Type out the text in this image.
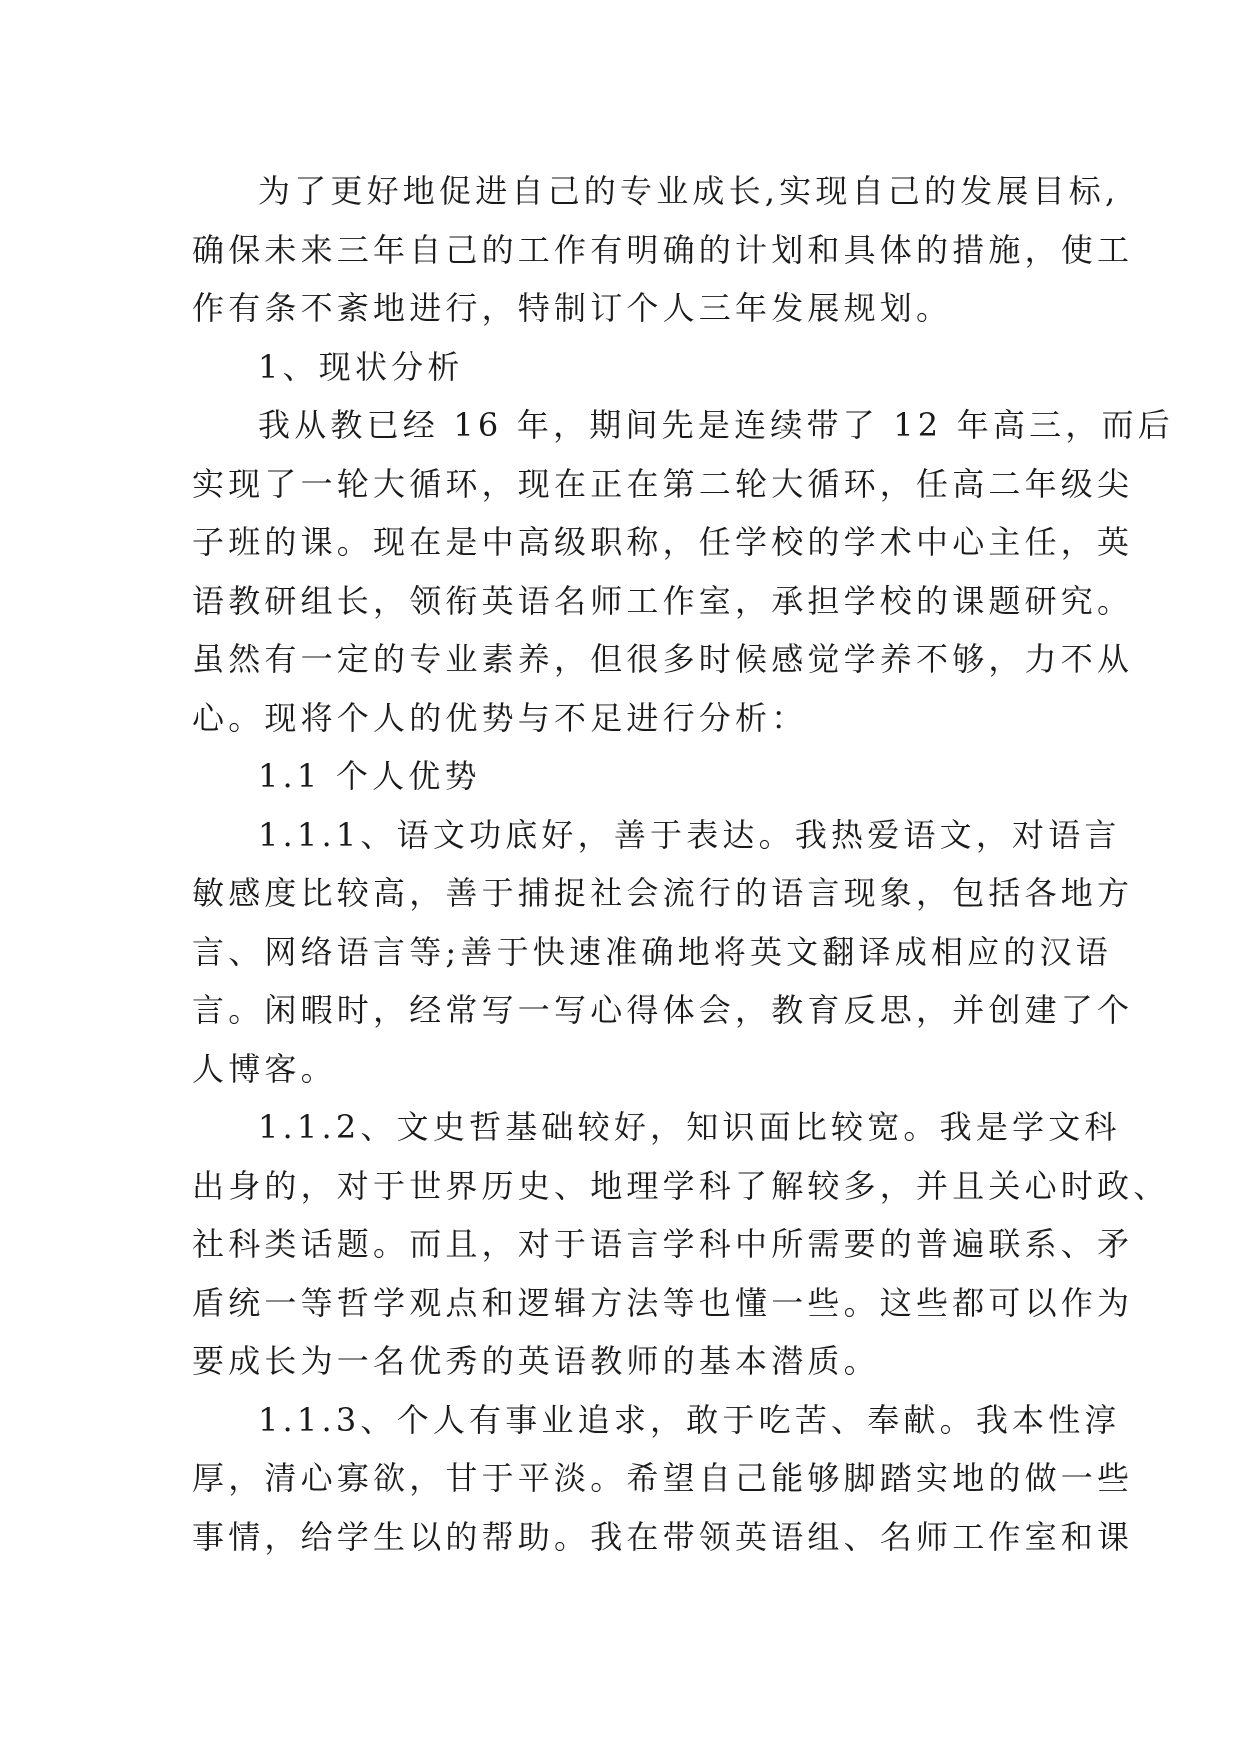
为了更好地促进自己的专业成长,实现自己的发展目标,
确保未来三年自己的工作有明确的计划和具体的措施，使工
作有条不紊地进行，特制订个人三年发展规划。
1、现状分析
我从教已经 16 年，期间先是连续带了 12 年高三，而后
实现了一轮大循环，现在正在第二轮大循环，任高二年级尖
子班的课。现在是中高级职称，任学校的学术中心主任，英
语教研组长，领衔英语名师工作室，承担学校的课题研究。
虽然有一定的专业素养，但很多时候感觉学养不够，力不从
心。现将个人的优势与不足进行分析：
1.1 个人优势
1.1.1、语文功底好，善于表达。我热爱语文，对语言
敏感度比较高，善于捕捉社会流行的语言现象，包括各地方
言、网络语言等;善于快速准确地将英文翻译成相应的汉语
言。闲暇时，经常写一写心得体会，教育反思，并创建了个
人博客。
1.1.2、文史哲基础较好，知识面比较宽。我是学文科
出身的，对于世界历史、地理学科了解较多，并且关心时政、
社科类话题。而且，对于语言学科中所需要的普遍联系、矛
盾统一等哲学观点和逻辑方法等也懂一些。这些都可以作为
要成长为一名优秀的英语教师的基本潜质。
1.1.3、个人有事业追求，敢于吃苦、奉献。我本性淳
厚，清心寡欲，甘于平淡。希望自己能够脚踏实地的做一些
事情，给学生以的帮助。我在带领英语组、名师工作室和课
